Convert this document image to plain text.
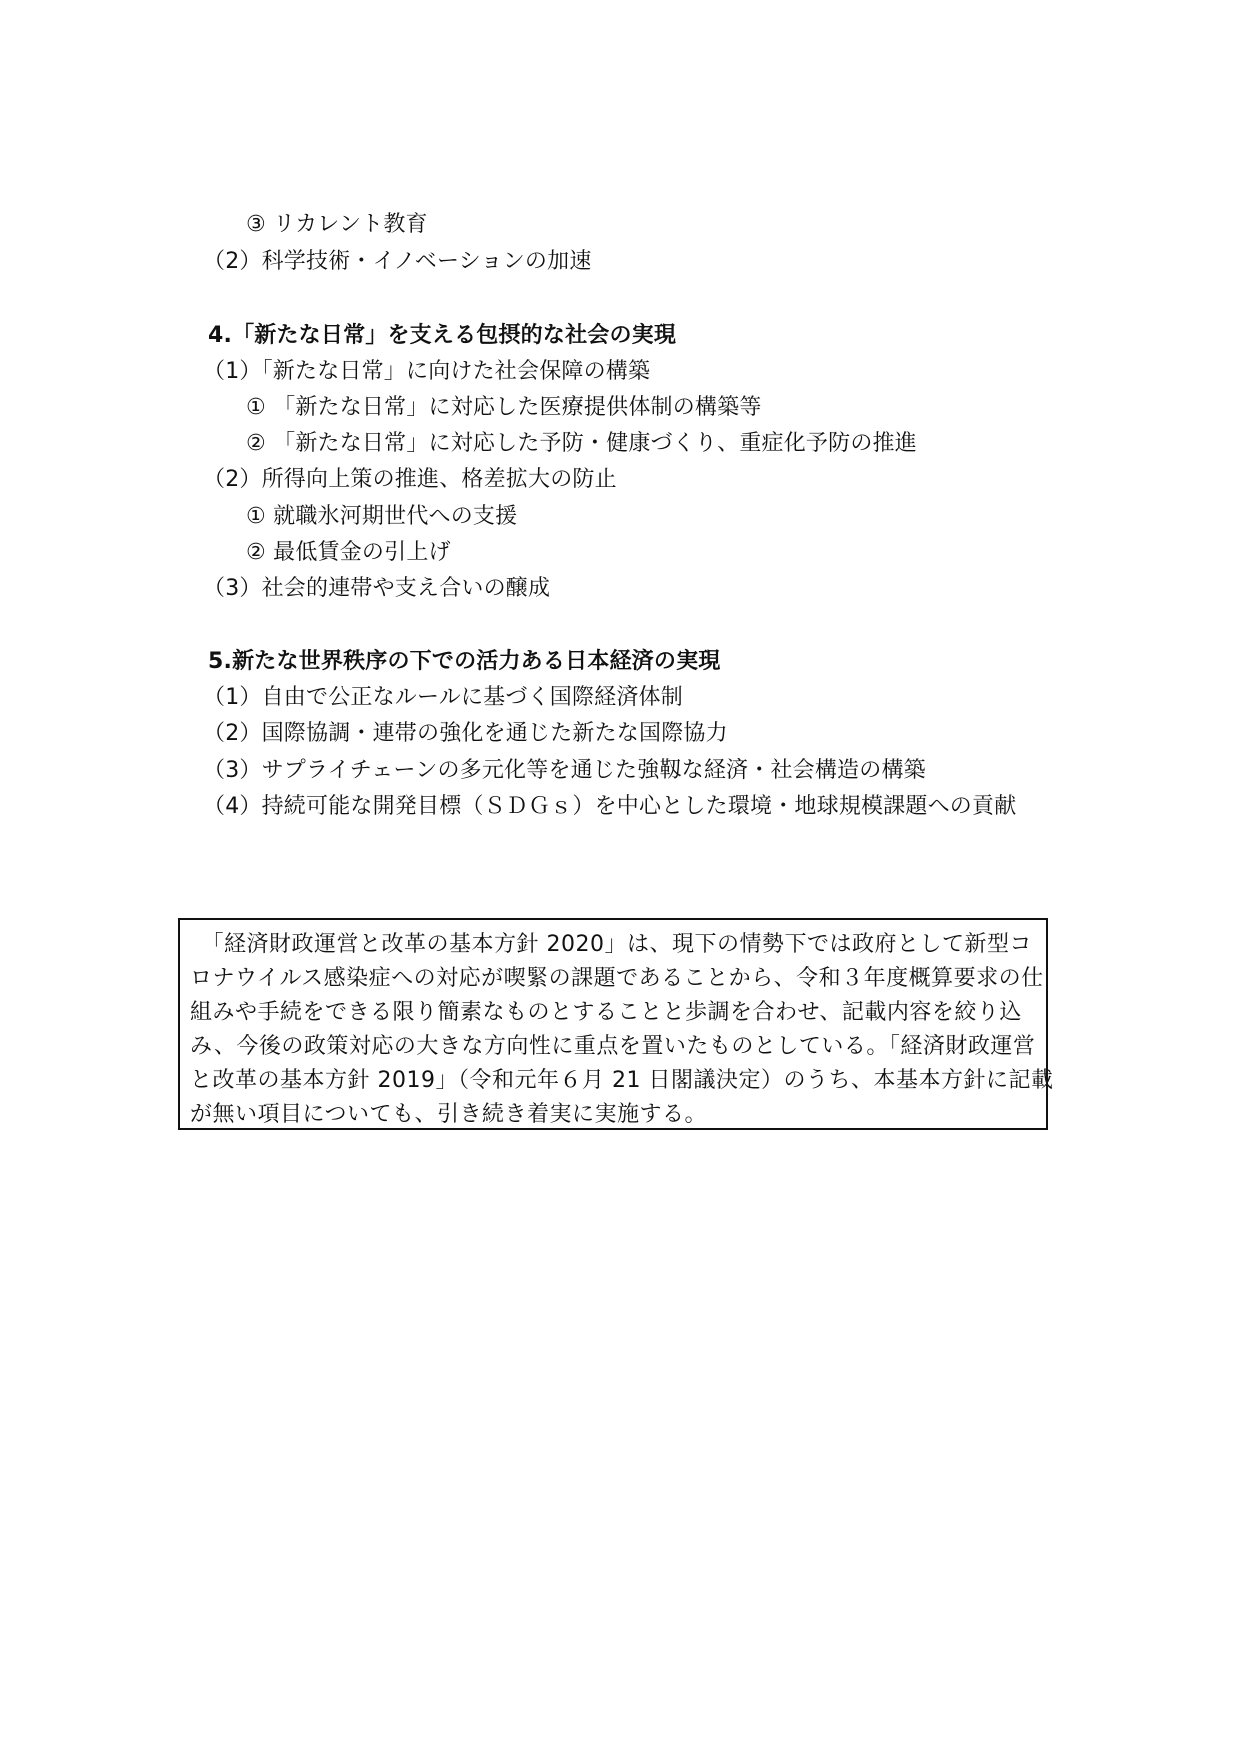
③ リカレント教育
（2）科学技術・イノベーションの加速
4.「新たな日常」を支える包摂的な社会の実現
（1）「新たな日常」に向けた社会保障の構築
① 「新たな日常」に対応した医療提供体制の構築等
② 「新たな日常」に対応した予防・健康づくり、重症化予防の推進
（2）所得向上策の推進、格差拡大の防止
① 就職氷河期世代への支援
② 最低賃金の引上げ
（3）社会的連帯や支え合いの醸成
5.新たな世界秩序の下での活力ある日本経済の実現
（1）自由で公正なルールに基づく国際経済体制
（2）国際協調・連帯の強化を通じた新たな国際協力
（3）サプライチェーンの多元化等を通じた強靱な経済・社会構造の構築
（4）持続可能な開発目標（ＳＤＧｓ）を中心とした環境・地球規模課題への貢献
　「経済財政運営と改革の基本方針 2020」は、現下の情勢下では政府として新型コ
ロナウイルス感染症への対応が喫緊の課題であることから、令和３年度概算要求の仕
組みや手続をできる限り簡素なものとすることと歩調を合わせ、記載内容を絞り込
み、今後の政策対応の大きな方向性に重点を置いたものとしている。「経済財政運営
と改革の基本方針 2019」（令和元年６月 21 日閣議決定）のうち、本基本方針に記載
が無い項目についても、引き続き着実に実施する。
